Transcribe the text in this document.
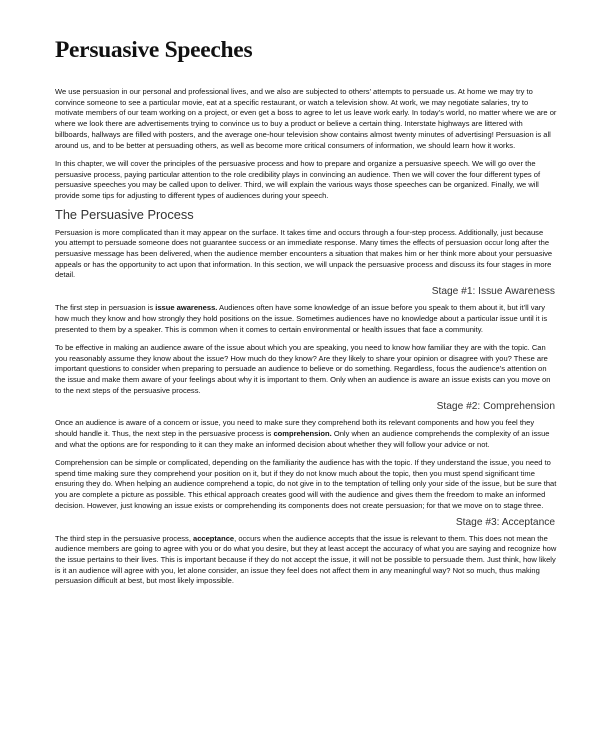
Persuasive Speeches

We use persuasion in our personal and professional lives, and we also are subjected to others’ attempts to persuade us. At home we may try to convince someone to see a particular movie, eat at a specific restaurant, or watch a television show. At work, we may negotiate salaries, try to motivate members of our team working on a project, or even get a boss to agree to let us leave work early. In today’s world, no matter where we are or where we look there are advertisements trying to convince us to buy a product or believe a certain thing. Interstate highways are littered with billboards, hallways are filled with posters, and the average one-hour television show contains almost twenty minutes of advertising! Persuasion is all around us, and to be better at persuading others, as well as become more critical consumers of information, we should learn how it works.

In this chapter, we will cover the principles of the persuasive process and how to prepare and organize a persuasive speech. We will go over the persuasive process, paying particular attention to the role credibility plays in convincing an audience. Then we will cover the four different types of persuasive speeches you may be called upon to deliver. Third, we will explain the various ways those speeches can be organized. Finally, we will provide some tips for adjusting to different types of audiences during your speech.

The Persuasive Process

Persuasion is more complicated than it may appear on the surface. It takes time and occurs through a four-step process. Additionally, just because you attempt to persuade someone does not guarantee success or an immediate response. Many times the effects of persuasion occur long after the persuasive message has been delivered, when the audience member encounters a situation that makes him or her think more about your persuasive appeals or has the opportunity to act upon that information. In this section, we will unpack the persuasive process and discuss its four stages in more detail.

Stage #1: Issue Awareness

The first step in persuasion is issue awareness. Audiences often have some knowledge of an issue before you speak to them about it, but it’ll vary how much they know and how strongly they hold positions on the issue. Sometimes audiences have no knowledge about a particular issue until it is presented to them by a speaker. This is common when it comes to certain environmental or health issues that face a community.

To be effective in making an audience aware of the issue about which you are speaking, you need to know how familiar they are with the topic. Can you reasonably assume they know about the issue? How much do they know? Are they likely to share your opinion or disagree with you? These are important questions to consider when preparing to persuade an audience to believe or do something. Regardless, focus the audience’s attention on the issue and make them aware of your feelings about why it is important to them. Only when an audience is aware an issue exists can you move on to the next steps of the persuasive process.

Stage #2: Comprehension

Once an audience is aware of a concern or issue, you need to make sure they comprehend both its relevant components and how you feel they should handle it. Thus, the next step in the persuasive process is comprehension. Only when an audience comprehends the complexity of an issue and what the options are for responding to it can they make an informed decision about whether they will follow your advice or not.

Comprehension can be simple or complicated, depending on the familiarity the audience has with the topic. If they understand the issue, you need to spend time making sure they comprehend your position on it, but if they do not know much about the topic, then you must spend significant time ensuring they do. When helping an audience comprehend a topic, do not give in to the temptation of telling only your side of the issue, but be sure that you are complete a picture as possible. This ethical approach creates good will with the audience and gives them the freedom to make an informed decision. However, just knowing an issue exists or comprehending its components does not create persuasion; for that we move on to stage three.

Stage #3: Acceptance

The third step in the persuasive process, acceptance, occurs when the audience accepts that the issue is relevant to them. This does not mean the audience members are going to agree with you or do what you desire, but they at least accept the accuracy of what you are saying and recognize how the issue pertains to their lives. This is important because if they do not accept the issue, it will not be possible to persuade them. Just think, how likely is it an audience will agree with you, let alone consider, an issue they feel does not affect them in any meaningful way? Not so much, thus making persuasion difficult at best, but most likely impossible.
